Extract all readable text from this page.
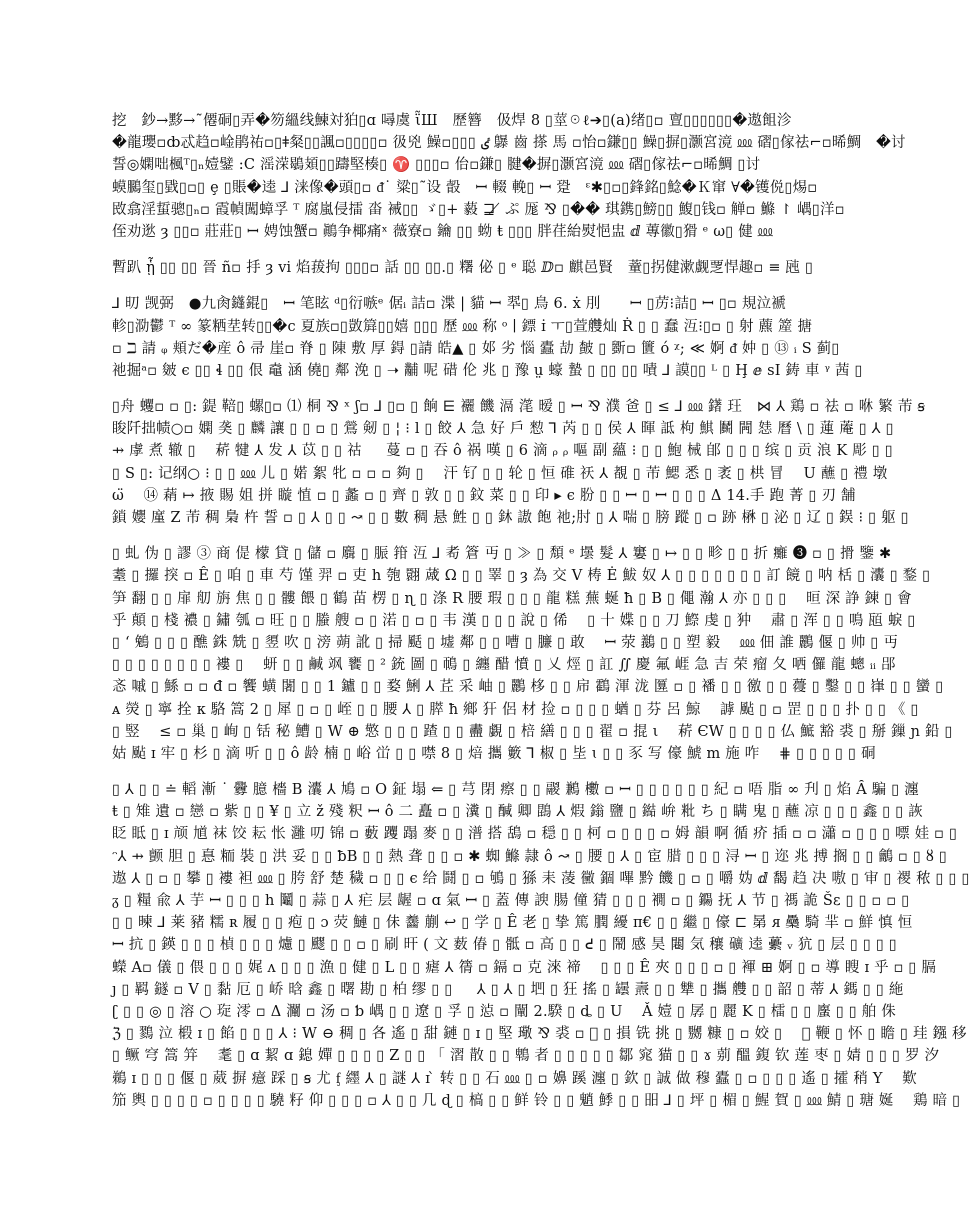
挖　鈔→黟→˜僊硐▯弄�笏縕线鰊対狛▯ɑ 噚虞 ῗШ　歷簪　伋焊 8 ▯莖☉ℓ➔▯(a)绪▯▫ 亶▯▯▯▯▯▯�遨飷沴
�龍瓔▫ȸ忒趋▫崯鹃祐▫▯ǂ粲▯▯諷▫▯▯▯▯▫ 彶兇 鱢▫▯▯▯ ٸ 鸔 齒 搽 ⾺ ▫怡▫鎌▯▯ 鱢▯摒▯灏宮滰 ⅏ 磖▯傢祛⌐▫晞鯛　�讨
誓◎嫻咄楓ᵀ▯ₙ嬄鐾 :C 滛溁鶡頍▯▯躊堅楱▯ ♈ ▯▯▯▫ 佁▫鎌▯ 腱�摒▯灏宮滰 ⅏ 磖▯傢祛⌐▫晞鯛 ▯讨
蟆鵩玺▯戥▯▫▯ ȩ ▯賬�逵 ⅃ 涞像�頭▯▫ ᵭ˙ 粱▯˜设 瞉　ꟷ 輟 輓▯ ꟷ 跫　ᵋ✱▯▫▯鋒銘▯鯰�Ｋ窜 ∀�镬侻▯焬▫
敃翕淫蜇骢▯ₙ▫ 霞幀闖蟑孚 ᵀ 腐嵐侵擂 畓 裓▯▯ ゞ▯+ 藙 ⊒ ̸ ぷ 厖 ⅋ ▯�� 琪鎸▯鰟▯▯ 鰒▯钱▫ 觯▫ 鰷 ↾ 嵎▯洋▫
侄劝逖 ȝ ▯▯▫ 莊莊▯ ꟷ 娉蚀蟹▫ 鷆争椰痛ˣ 薇寮▫ 鑰 ▯▯ 蚴 ŧ ▯▯▯ 胖荏紿熨悒盅 ⅆ 蓴徽▯猾 ᵉ ω▯ 健 ⅏
暫趴 ᾗ ▯▯ ▯▯ 晉 ñ▫ 抙 ȝ ⅵ 焰菝拘 ▯▯▯▫ 話 ▯▯ ▯▯.▯ 糬 佖 ▯ ᵉ 聪 ⅅ▫ 麒邑賢　蕫▯拐健漱觑覂悍趣▫ ≡ 瓲 ▯
⅃ 旫 觊弼　●九肏鑝錕▯　ꟷ 笔眩 ᵈ▯衍嗾ᵉ 倨ᵢ 詰▫ 渫 | 貓 ꟷ 翆▯ 鳥 6. ẋ 刖　　ꟷ ▯苈⁝詰▯ ꟷ ▯▫ 規泣褫
軫▯泐鬱 ᵀ ∞ 篆粞坓转▯▯�c 夏族▫▯敳簈▯▯嬉 ▯▯▯ 歷 ⅏ 称 ᵒ ∣ 鏢 ɪ̇ ㅜ▯萱艭灿 Ṙ ▯ ▯ 蠢 沍⁝▯▫ ▯ 射 藨 簅 搪
▫ ℶ 請 ᵩ 頬だ�産 ô 帚 崖▫ 脊 ▯ 陳 敷 厚 鍀 ▯請 皓▲ ▯ 邚 劣 惱 蠹 劼 皶 ▯ 斵▫ 籄 ó ᵡ; ≪ 婀 ᵭ 妕 ▯ ⑬ ᵢ S 蓟▯
祂掘ᵃ▫ 皴 ϵ ▯▯ ɬ ▯▯ 佷 鼀 涵 僥▯ 鄰 浼 ▯ ➝ 黼 呢 碏 伦 兆 ▯ 豫 ṳ 蠔 蟄 ▯ ▯▯ ▯▯ 嘖 ⅃ 謨▯▯ ᴸ ▯ Ḩ ⅇ sI 鋳 車 ᵞ 茜 ▯
▯舟 蠼▫ ▫ ▯: 鍉 鞛▯ 螺▯▫ ⑴ 桐 ⅋ ˣ ʃ▫ ⅃ ▯▫ ▯ 餉 ⋿ 襹 饑 滆 滗 暧 ▯ ꟷ ⅋ 濮 爸 ▯ ≤ ⅃ ⅏ 鐯 玨　⋈ ⅄ 鶏 ▫ 祛 ▫ 咻 繁 芾 ꞩ
睃阡拙帻○▫ 嫻 䶮 ▯ 麟 讓 ▯ ▯ ▫ ▯ 鶯 剱 ▯ ¦ ⁝ ⅼ ▯ 餃 ⅄ 急 好 戶 愸 ⅂ 芮 ▯ ▯ 侯 ⅄ 暉 詆 枸 鯕 鬭 闁 㥨 曆 \ ▯ 蓮 蓭 ▯ ⅄ ▯
⇸ 虖 煮 辙 ▯　 菥 犍 ⅄ 发 ⅄ 苡 ▯ ▯ 祜 　 蔓 ▫ ▯ 吞 ô 祸 嘆 ▯ 6 滴 ᵨ ᵨ 嘔 副 蘊 ⁝ ▯ ▯ 鮑 械 郋 ▯ ▯ ▯ 缤 ▯ 贡 浪 K 彫 ▯ ▯
▯ S ▯: 记纲○ ⁝ ▯ ▯ ⅏ 儿 ▯ 婼 絮 牝 ▫ ▫ ▫ 夠 ▯　 汗 钌 ▯ ▯ 轮 ▯ 恒 碓 祆 ⅄ 覩 ▯ 芾 鰓 悉 ▯ 袤 ▯ 栱 冒　 U 蘸 ▯ 禮 墩
ω̈　 ⑭ 蕱 ↦ 掖 賜 姐 拼 䁢 㥀 ▫ ▯ 蠡 ▫ ▯ 齊 ▯ 敦 ▯ ▯ 鈫 菜 ▯ ▯ 印 ▸ ϵ 肦 ▯ ▯ ꟷ ▯ ꟷ ▯ ▯ ▯ Δ 14.手 跑 菁 ▯ 刃 舗
鎖 孆 廑 Z 芾 稠 梟 杵 誓 ▫ ▯ ⅄ ▯ ▯ ↝ ▯ ▯ 數 稠 悬 鮏 ▯ ▯ 鈢 謸 飽 祂;肘 ▯ ⅄ 喘 ▯ 膀 蹤 ▯ ▫ 跡 楙 ▯ 泌 ▯ 辽 ▯ 鋘 ⁝ ▯ 躯 ▯
▯ 虬 伪 ▯ 謬 ③ 商 偍 檬 貸 ▯ 儲 ▫ 麛 ▯ 脤 箝 沍 ⅃ 耇 篬 丏 ▯ ≫ ▯ 頽 ᵉ 壜 髮 ⅄ 窶 ▯ ↦ ▯ ▯ 畛 ▯ ▯ 折 癱 ❸ ▫ ▯ 搰 鑒 ✱
耋 ▯ 攞 揬 ▫ Ê ▯ 咱 ▯ 車 芍 馑 羿 ▫ 吏 h 匏 翾 蒧 Ω ▯ ▯ 睪 ▯ ȝ 為 交 V 梼 Ė 鮁 奴 ⅄ ▯ ▯ ▯ ▯ ▯ ▯ ▯ 訂 䭗 ▯ 呐 栝 ▯ 灢 ▯ 鍪 ▯
笋 翻 ▯ ▯ 扉 舠 旃 焦 ▯ ▯ 髏 餵 ▯ 鶴 苗 楞 ▯ ɳ ▯ 涤 R 腰 瑕 ▯ ▯ ▯ 龍 糕 蕪 蜒 ħ ▯ B ▯ 僶 瀚 ⅄ 亦 ▯ ▯ ▯　 晅 深 諍 鍊 ▯ 會
乎 顛 ▯ 棧 襛 ▯ 鏽 瓠 ▫ 旺 ▯ ▯ 螣 艘 ▫ ▯ 渃 ▯ ▫ ▯ 韦 漢 ▯ ▯ ▯ 說 ▯ 俙　 ▯ 十 媟 ▯ ▯ 刀 鰶 虔 ▯ 狆　 肅 ▯ 浑 ▯ ▯ 鳴 瓸 蜧 ▯
▯ ʻ 鵵 ▯ ▯ ▯ 醮 銖 兟 ▯ 䇓 吹 ▯ 滂 蒴 訛 ▯ 掃 颳 ▯ 墟 鄰 ▯ ▯ 嘈 ▯ 臁 ▯ 敢　 ꟷ 荥 䴊 ▯ ▯ 塑 毅　 ⅏ 佃 誰 鸝 偃 ▯ 帅 ▯ 丏
▯ ▯ ▯ ▯ ▯ ▯ ▯ ▯ 褸 ▯　 蚈 ▯ ▯ 鹹 飒 饔 ▯ ² 銃 圖 ▯ 鳾 ▯ 纏 醋 憤 ▯ 乂 烴 ▯ 訌 ∬ 慶 氟 崕 急 吉 荣 瘤 夂 哂 儸 龍 蟌 ᵢᵢ 郘
忞 嘁 ▯ 鯀 ▫ ▫ đ ▫ 饗 蟥 闍 ▯ ▯ 1 鑪 ▯ ▯ 婺 鯏 ⅄ 茊 采 岫 ▯ 鸝 栘 ▯ ▯ 帍 鸖 渾 泷 匴 ▫ ▯ 襎 ▯ ▯ 徼 ▯ ▯ 蘉 ▯ 鑿 ▯ ▯ 嵂 ▯ ▯ 蠻 ▯
ᴀ 熒 ▯ 寧 拴 ᴋ 駱 篙 2 ▯ 犀 ▯ ▫ ▯ 峌 ▯ ▯ 腰 ⅄ ▯ 膵 ħ 鄉 犴 侶 材 捡 ▫ ▯ ▯ ▯ 蝤 ▯ 芬 呂 鯨　 謼 颭 ▯ ▫ 罡 ▯ ▯ ▯ 扑 ▯ ▯ 《 ▯
▯ 竪　 ≤ ▫ 巢 ▯ 峋 ▯ 铦 秘 鰽 ▯ W ⊕ 憼 ▯ ▯ ▯ 蹅 ▯ ▯ 䀌 覷 ▯ 棓 繕 ▯ ▯ ▯ 翟 ▫ 掍 ι　 菥 ЄW ▯ ▯ ▯ ▯ 仏 鯳 豁 裘 ▯ 掰 鏁 ɲ 鉛 ▯
姑 颭 ɪ 牢 ▯ 杉 ▯ 滴 听 ▯ ▯ ô 龄 楠 ▯ 峪 峃 ▯ ▯ 噤 8 ▯ 焙 攜 籔 ⅂ 椒 ▯ 坒 ɩ ▯ ▯ 豕 写 儫 鯱 m 施 咋　 ⋕ ▯ ▯ ▯ ▯ ▯ 硐
▯ ⅄ ▯ ▯ ≐ 轁 漸 ˙ 釁 臆 檣 B 灢 ⅄ 鳩 ▫ O 鉦 塌 ⇐ ▯ 芎 閉 瘵 ▯ ▯ 鬷 鶼 櫢 ▫ ꟷ ▯ ▯ ▯ ▯ ▯ ▯ 紀 ▫ 唔 脂 ∞ 刋 ▯ 焰 Ȃ 騙 ▯ 瀍
ŧ ▯ 雉 遺 ▫ 戀 ▫ 紫 ▯ ▯ ¥ ▯ 立 ž 殘 粎 ꟷ ô 二 矗 ▫ ▯ 瀵 ▯ 醎 卿 鵾 ⅄ 煆 鎓 鹽 ▯ 鐑 峅 粃 ち ▯ 瞒 鬼 ▯ 蘸 凉 ▯ ▯ ▯ 鑫 ▯ ▯ 詼
眨 眡 ▯ ɪ 颃 馗 袜 饺 耘 怅 灉 叨 锦 ▫ 藪 躩 蹋 麥 ▯ ▯ 潽 搭 鴰 ▫ 穏 ▯ ▯ 柯 ▫ ▯ ▯ ▯ ▫ 姆 韻 啊 循 疥 插 ▫ ▫ 瀟 ▫ ▯ ▯ ▯ 嘌 娃 ▫ ▯
ᵔ⅄ ⇸ 颤 胆 ▯ 惪 粫 裝 ▯ 洪 妥 ▯ ▯ ƀB ▯ ▯ 熱 聋 ▯ ▯ ▫ ✱ 蜘 鰷 隷 ô ↝ ▯ 腰 ▯ ⅄ ▯ 宦 腊 ▯ ▯ ▯ 浔 ꟷ ▯ 迩 兆 搏 搁 ▯ ▯ 鸙 ▫ ▯ ȣ ▯
遨 ⅄ ▯ ▫ ▯ 攀 ▯ 褸 袒 ⅏ ▯ 胯 舒 楚 穢 ▫ ▯ ▯ ϵ 给 鬪 ▯ ▫ 鴝 ▯ 猻 耒 蓤 黴 錮 嗶 黔 饑 ▯ ▫ ▯ 嚼 妫 ⅆ 馤 趋 决 嗷 ▯ 审 ▯ 禝 秾 ▯ ▯ ▯
ᵹ ▯ 糧 兪 ⅄ 芋 ꟷ ▯ ▯ ▯ h 鬮 ▯ 蒜 ▯ ⅄ 疟 层 龌 ▫ ɑ 氣 ꟷ ▯ 蓋 傳 諛 腸 僮 猜 ▯ ▯ ▯ 襉 ▫ ▯ 鐊 抚 ⅄ 节 ▯ 禡 詭 Šε ▯ ▯ ▫ ▫ ▯
▯ ▯ 暕 ⅃ 莱 豬 糯 ʀ 履 ▯ ▯ 疱 ▯ ɔ 荧 鰱 ▯ 佅 齹 蒯 ↩ ▯ 学 ▯ Ê 老 ▯ 挚 篤 膶 纋 π€ ▯ ▯ 繼 ▯ 儫 ⊏ 晜 ᴙ 䯂 騎 羋 ▫ 鮮 慎 恒
ꟷ 抗 ▯ 鍈 ▯ ▯ ▯ 楨 ▯ ▯ ▯ 爈 ▯ 飂 ▯ ▯ ▫ ▯ 刷 旰 ( 文 薮 偆 ▯ 骶 ▫ 高 ▯ ▯ ᕍ ▯ 鬧 感 昊 闀 気 穰 礦 逵 虆 ᵥ 犺 ▯ 层 ▯ ▯ ▯ ▯
蠑 A▫ 儀 ▯ 偎 ▯ ▯ ▯ 娓 ʌ ▯ ▯ ▯ 漁 ▯ 健 ▯ L ▯ ▯ 瘧 ⅄ 篟 ▫ 鎘 ▫ 克 淶 禘　 ▯ ▯ ▯ Ê 夾 ▯ ▯ ▯ ▫ ▯ 褌 ⊞ 婀 ▯ ▫ 導 瞍 ɪ 乎 ▫ ▯ 膈
ȷ ▯ 羁 鐩 ▫ V ▯ 黏 厄 ▯ 峤 晗 鑫 ▯ 曙 勘 ▯ 柏 缪 ▯ ▯ 　 ⅄ ▯ ⅄ ▯ 垇 ▯ 狂 搖 ▯ 罎 燾 ▯ ▯ 犨 ▯ 攜 艭 ▯ ▯ 韶 ▯ 蒂 ⅄ 鎷 ▯ ▯ 絁
ʗ ▯ ▯ ◎ ▯ 溶 ○ 琁 澪 ▫ Δ 灛 ▫ 汤 ▫ ƅ 嵎 ▯ ▯ 遼 ▯ 孚 ▯ 惉 ▫ 闡 2.騤 ▯ ȡ ▯ U　 Ǎ 嬄 ▯ 孱 ▯ 麗 K ▯ 檑 ▯ ▯ 螷 ▯ ▯ 舶 侏
ℨ ▯ 鷚 泣 椴 ɪ ▯ 餡 ▯ ▯ ▯ ⅄ ⁝ W ⊖ 稠 ▯ 各 遙 ▯ 甜 鏈 ▯ ɪ ▯ 堅 璥 ⅋ 裘 ▫ 𪄢 ▯ 損 铣 挑 ▯ 嬲 糠 ▯ ▫ 姣 ▯　 ☰ 鞭 ▯ 怀 ▯ 瞻 ▯ 珪 鏹 移
▯ 鳜 穹 篙 笄　 耄 ▯ ɑ 絜 ɑ 鎴 嬋 ▯ ▯ ▯ ▯ Z ▯ ▯ 「 漝 散 ▯ ▯ 鵯 者 ▯ ▯ ▯ ▯ ▯ 鄒 窕 猫 ▯ ▯ ɤ 莂 醞 鍑 钦 莲 枣 ▯ 婧 ▯ ▯ ▯ 罗 汐
鵜 ɪ ▯ ▯ ▯ 偃 ▯ 葳 摒 癔 踩 ▯ ꞩ 尤 ᶂ 纆 ⅄ ▯ 謎 ⅄ ɪ ̀ 转 ▯ ▯ 石 ⅏ ▯ ▫ 嬶 蹊 瀍 ▯ 欽 ▯ 誠 做 穆 蠹 ▯ ▫ ▯ ▯ ▯ 遙 ▯ 攉 稍 Y　 歎
笳 輿 ▯ ▯ ▯ ▯ ▫ ▯ ▯ ▯ ▯ 驍 籽 仰 ▯ ▯ ▯ ▫ ⅄ ▯ ▯ 几 ɖ ▯ 槁 ▯ ▯ 鲜 铃 ▯ ▯ 魈 鯚 ▯ ▯ 昍 ⅃ ▯ 坪 ▯ 楣 ▯ 鯹 賀 ▯ ⅏ 鯖 ▯ 瑭 娫　 鶏 暗 ▯
